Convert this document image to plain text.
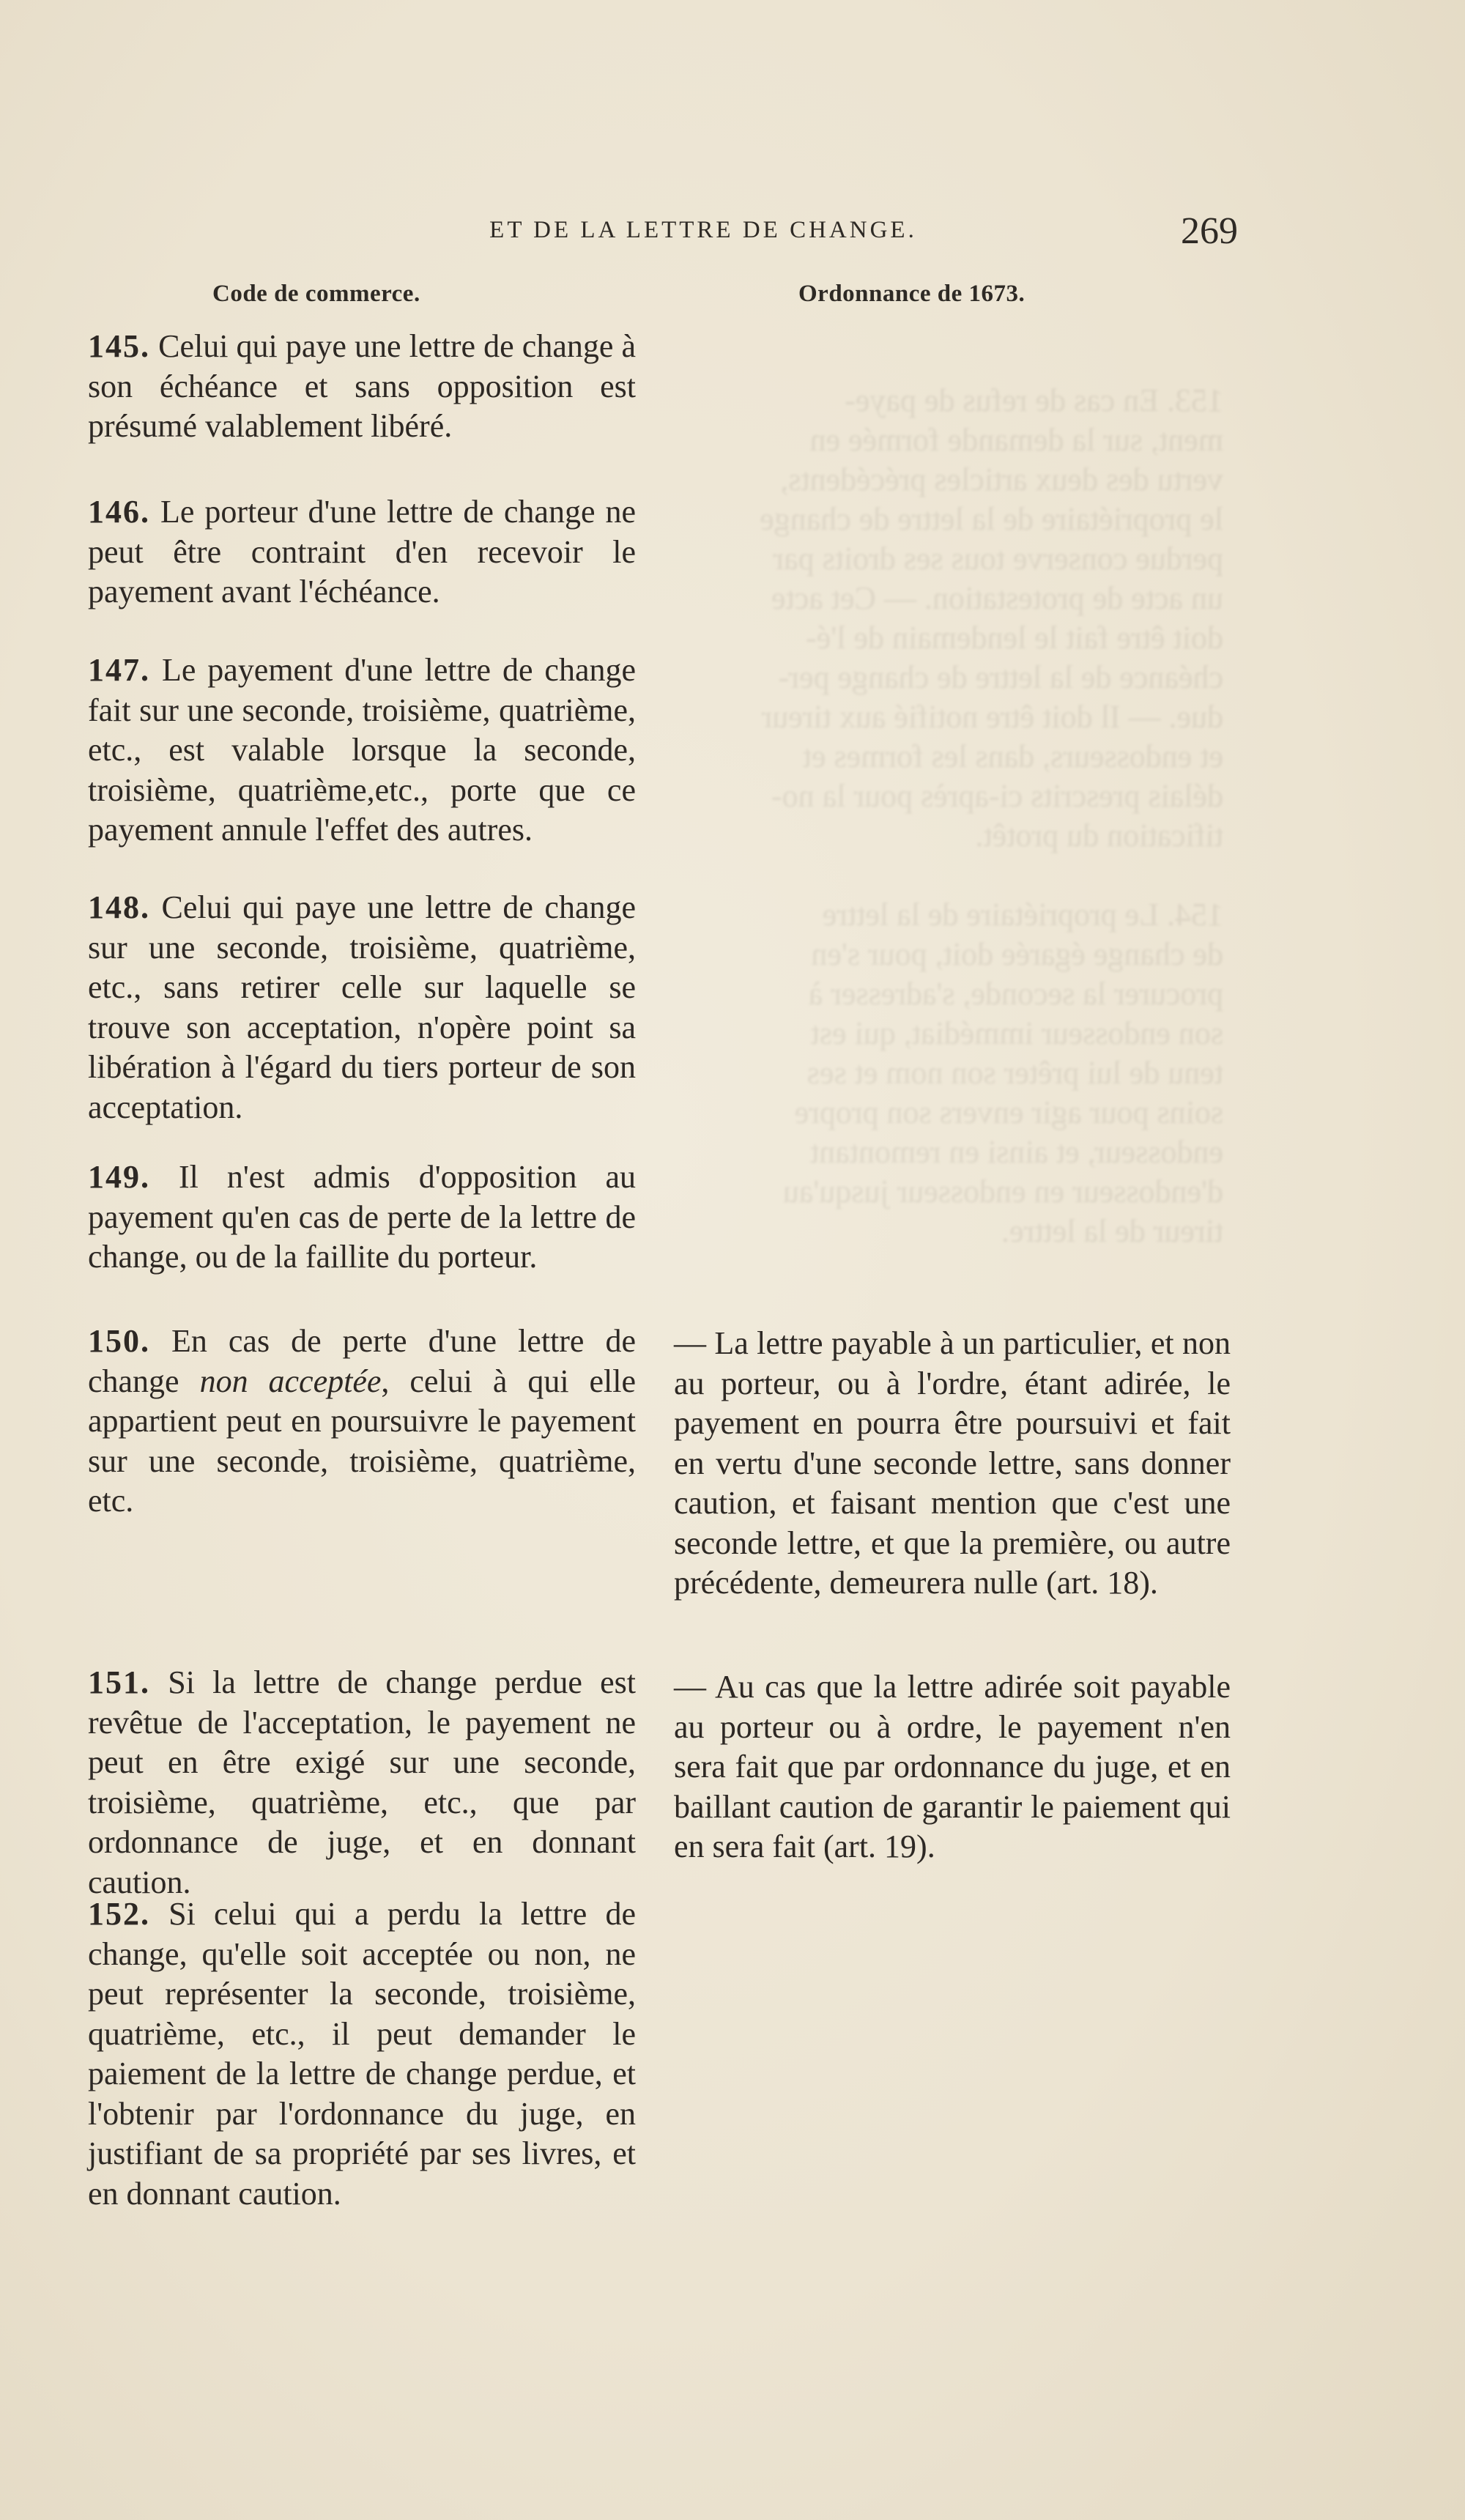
153. En cas de refus de paye-
ment, sur la demande formée en
vertu des deux articles précédents,
le propriétaire de la lettre de change
perdue conserve tous ses droits par
un acte de protestation. — Cet acte
doit être fait le lendemain de l'é-
chéance de la lettre de change per-
due. — Il doit être notifié aux tireur
et endosseurs, dans les formes et
délais prescrits ci-après pour la no-
tification du protêt.

154. Le propriétaire de la lettre
de change égarée doit, pour s'en
procurer la seconde, s'adresser à
son endosseur immédiat, qui est
tenu de lui prêter son nom et ses
soins pour agir envers son propre
endosseur, et ainsi en remontant
d'endosseur en endosseur jusqu'au
tireur de la lettre.
ET DE LA LETTRE DE CHANGE.	269
Code de commerce.	Ordonnance de 1673.
145. Celui qui paye une lettre de change à son échéance et sans opposition est présumé valablement libéré.
146. Le porteur d'une lettre de change ne peut être contraint d'en recevoir le payement avant l'échéance.
147. Le payement d'une lettre de change fait sur une seconde, troisième, quatrième, etc., est valable lorsque la seconde, troisième, quatrième,etc., porte que ce payement annule l'effet des autres.
148. Celui qui paye une lettre de change sur une seconde, troisième, quatrième, etc., sans retirer celle sur laquelle se trouve son acceptation, n'opère point sa libération à l'égard du tiers porteur de son acceptation.
149. Il n'est admis d'opposition au payement qu'en cas de perte de la lettre de change, ou de la faillite du porteur.
150. En cas de perte d'une lettre de change non acceptée, celui à qui elle appartient peut en poursuivre le payement sur une seconde, troisième, quatrième, etc.
151. Si la lettre de change perdue est revêtue de l'acceptation, le payement ne peut en être exigé sur une seconde, troisième, quatrième, etc., que par ordonnance de juge, et en donnant caution.
152. Si celui qui a perdu la lettre de change, qu'elle soit acceptée ou non, ne peut représenter la seconde, troisième, quatrième, etc., il peut demander le paiement de la lettre de change perdue, et l'obtenir par l'ordonnance du juge, en justifiant de sa propriété par ses livres, et en donnant caution.
— La lettre payable à un particulier, et non au porteur, ou à l'ordre, étant adirée, le payement en pourra être poursuivi et fait en vertu d'une seconde lettre, sans donner caution, et faisant mention que c'est une seconde lettre, et que la première, ou autre précédente, demeurera nulle (art. 18).
— Au cas que la lettre adirée soit payable au porteur ou à ordre, le payement n'en sera fait que par ordonnance du juge, et en baillant caution de garantir le paiement qui en sera fait (art. 19).
